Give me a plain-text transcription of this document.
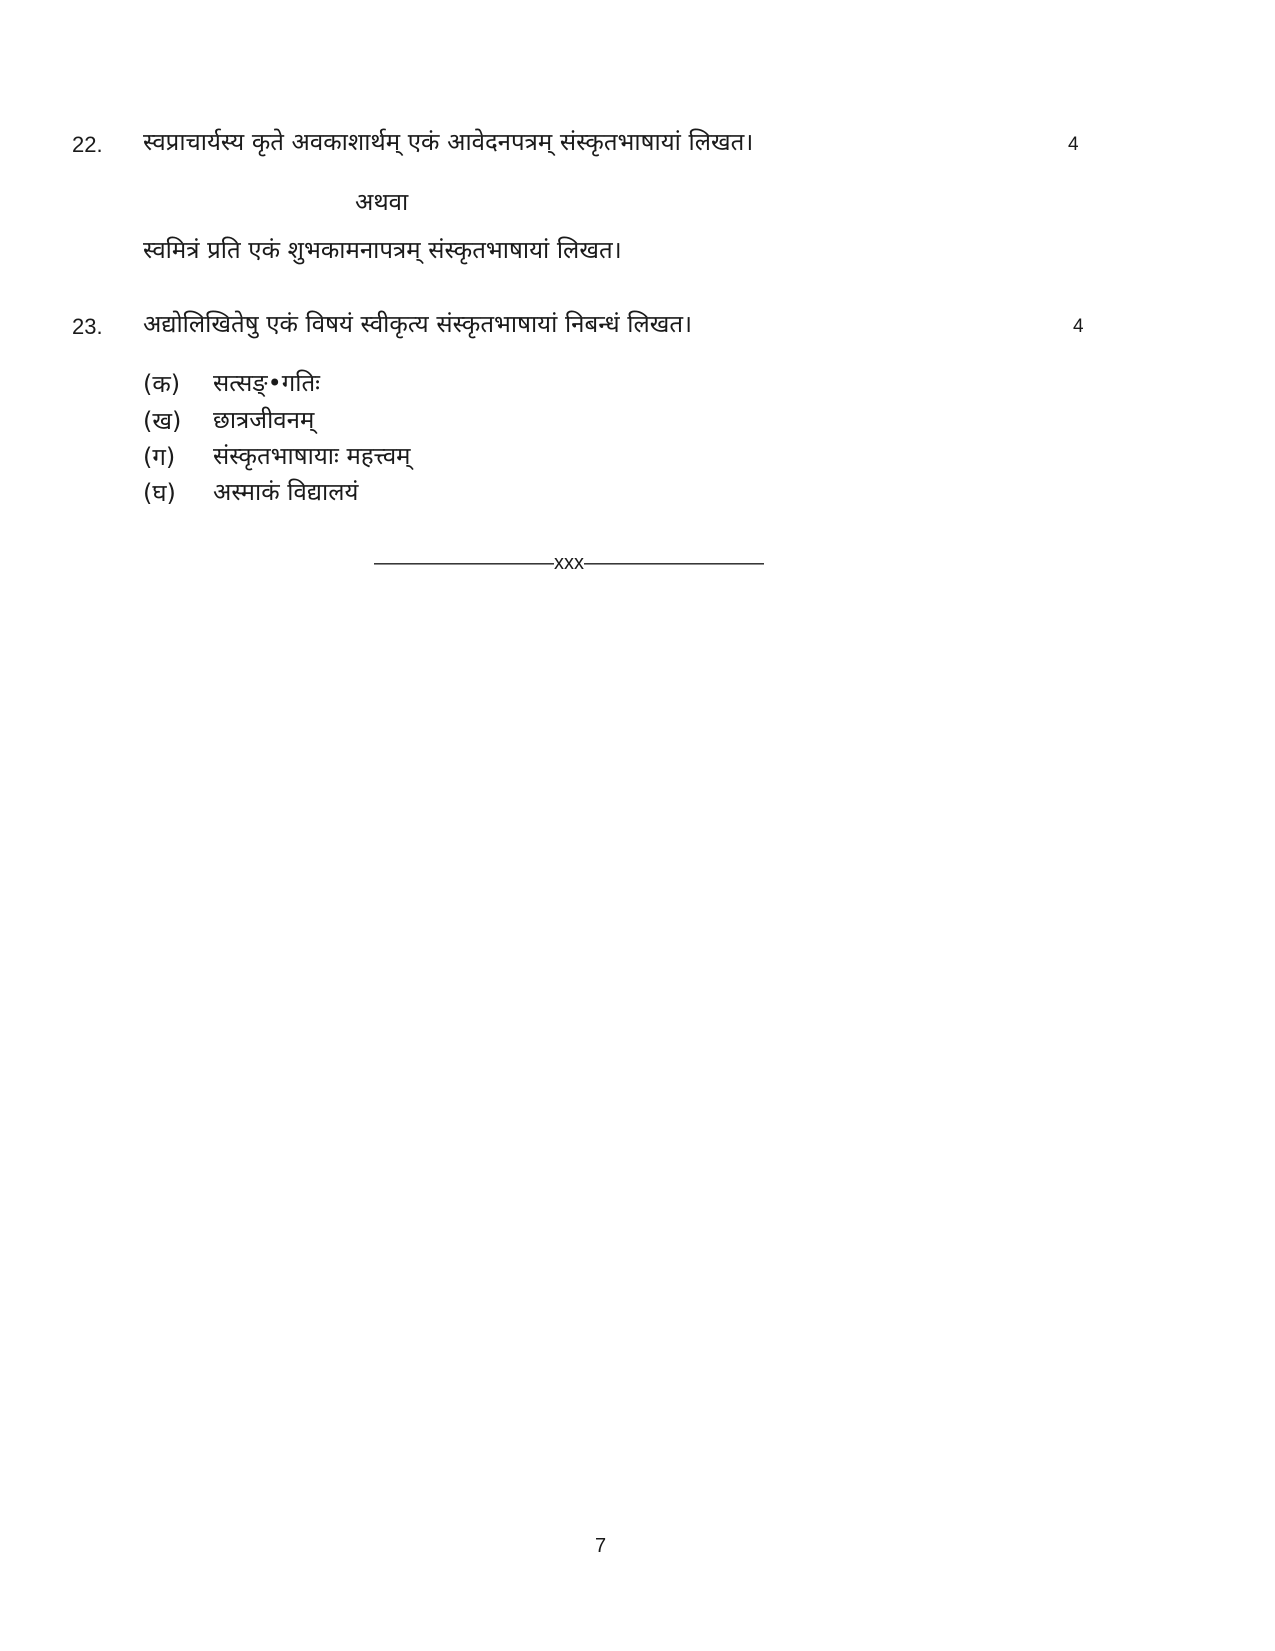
22. स्वप्राचार्यस्य कृते अवकाशार्थम् एकं आवेदनपत्रम् संस्कृतभाषायां लिखत।	4
अथवा
स्वमित्रं प्रति एकं शुभकामनापत्रम् संस्कृतभाषायां लिखत।
23. अद्योलिखितेषु एकं विषयं स्वीकृत्य संस्कृतभाषायां निबन्धं लिखत।	4
(क) सत्सङ्•गतिः
(ख) छात्रजीवनम्
(ग) संस्कृतभाषायाः महत्त्वम्
(घ) अस्माकं विद्यालयं
—————————xxx—————————
7
